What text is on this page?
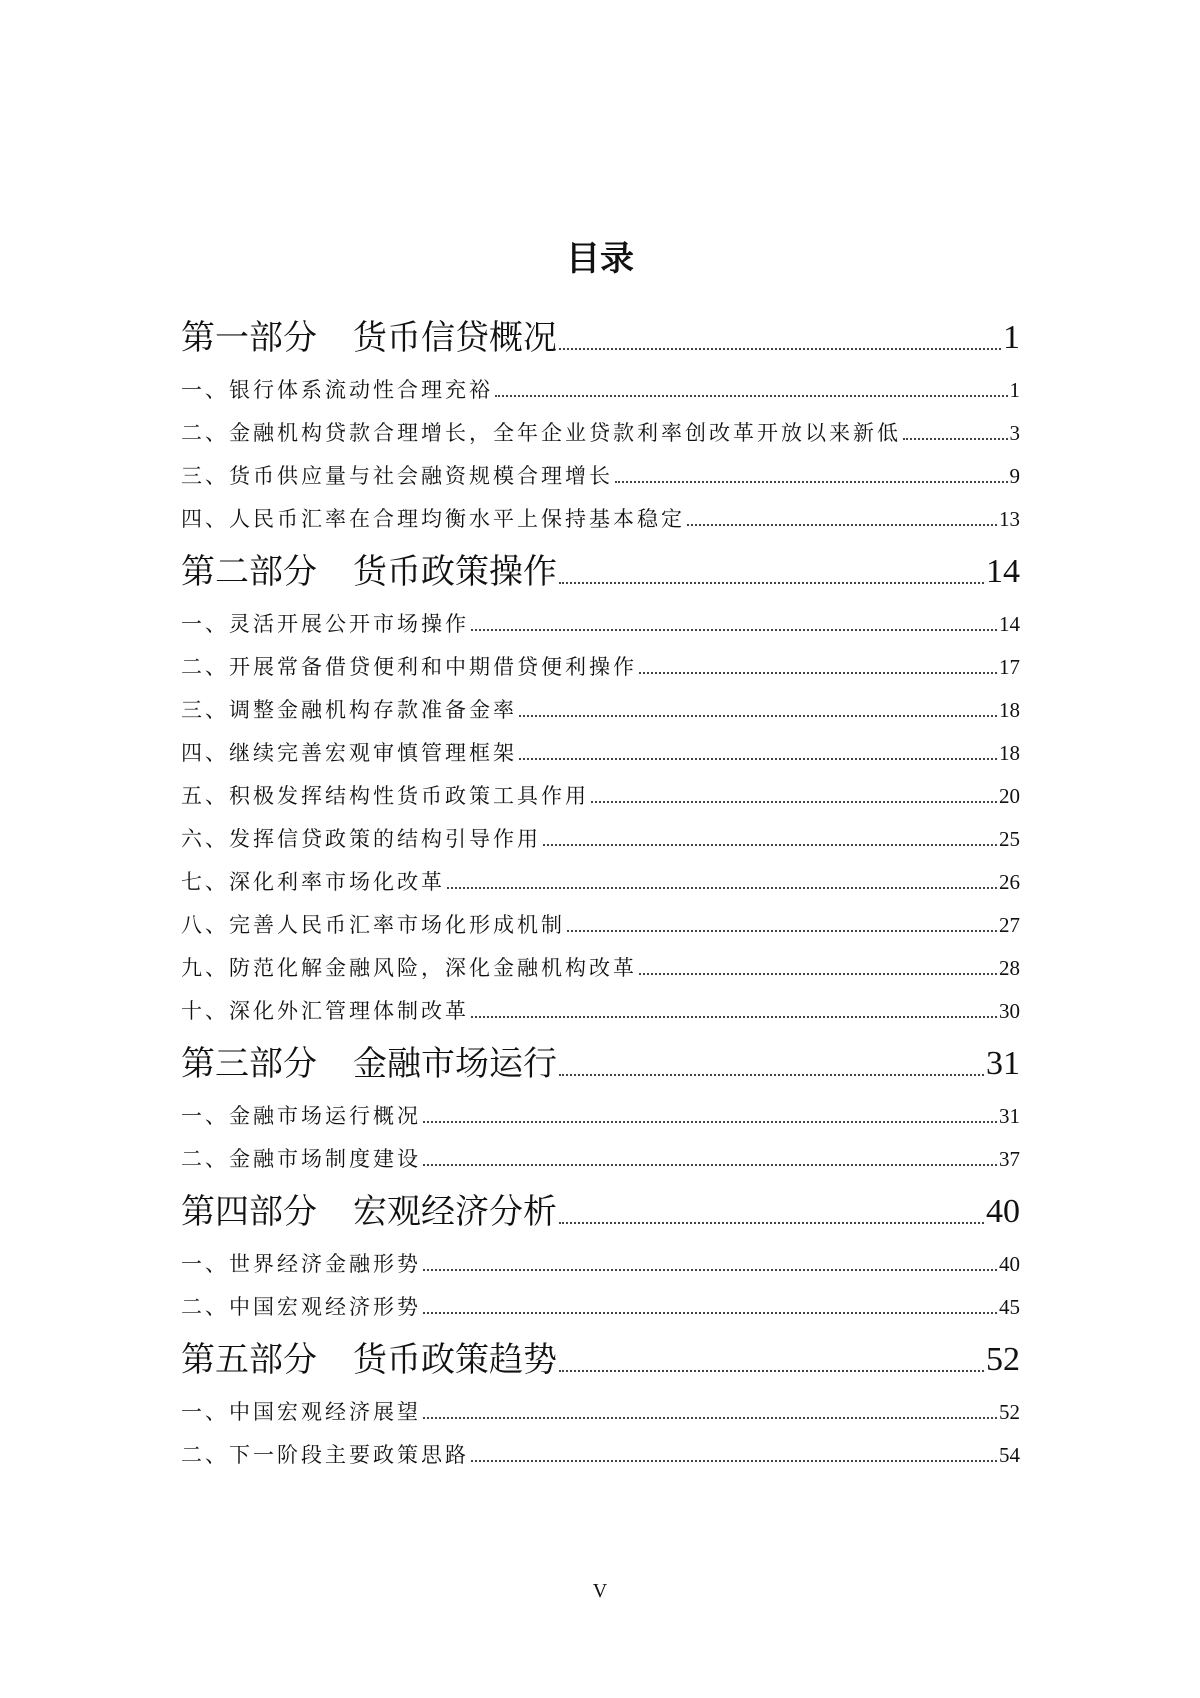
目录
第一部分 货币信贷概况	1
一、银行体系流动性合理充裕	1
二、金融机构贷款合理增长，全年企业贷款利率创改革开放以来新低	3
三、货币供应量与社会融资规模合理增长	9
四、人民币汇率在合理均衡水平上保持基本稳定	13
第二部分 货币政策操作	14
一、灵活开展公开市场操作	14
二、开展常备借贷便利和中期借贷便利操作	17
三、调整金融机构存款准备金率	18
四、继续完善宏观审慎管理框架	18
五、积极发挥结构性货币政策工具作用	20
六、发挥信贷政策的结构引导作用	25
七、深化利率市场化改革	26
八、完善人民币汇率市场化形成机制	27
九、防范化解金融风险，深化金融机构改革	28
十、深化外汇管理体制改革	30
第三部分 金融市场运行	31
一、金融市场运行概况	31
二、金融市场制度建设	37
第四部分 宏观经济分析	40
一、世界经济金融形势	40
二、中国宏观经济形势	45
第五部分 货币政策趋势	52
一、中国宏观经济展望	52
二、下一阶段主要政策思路	54
V
